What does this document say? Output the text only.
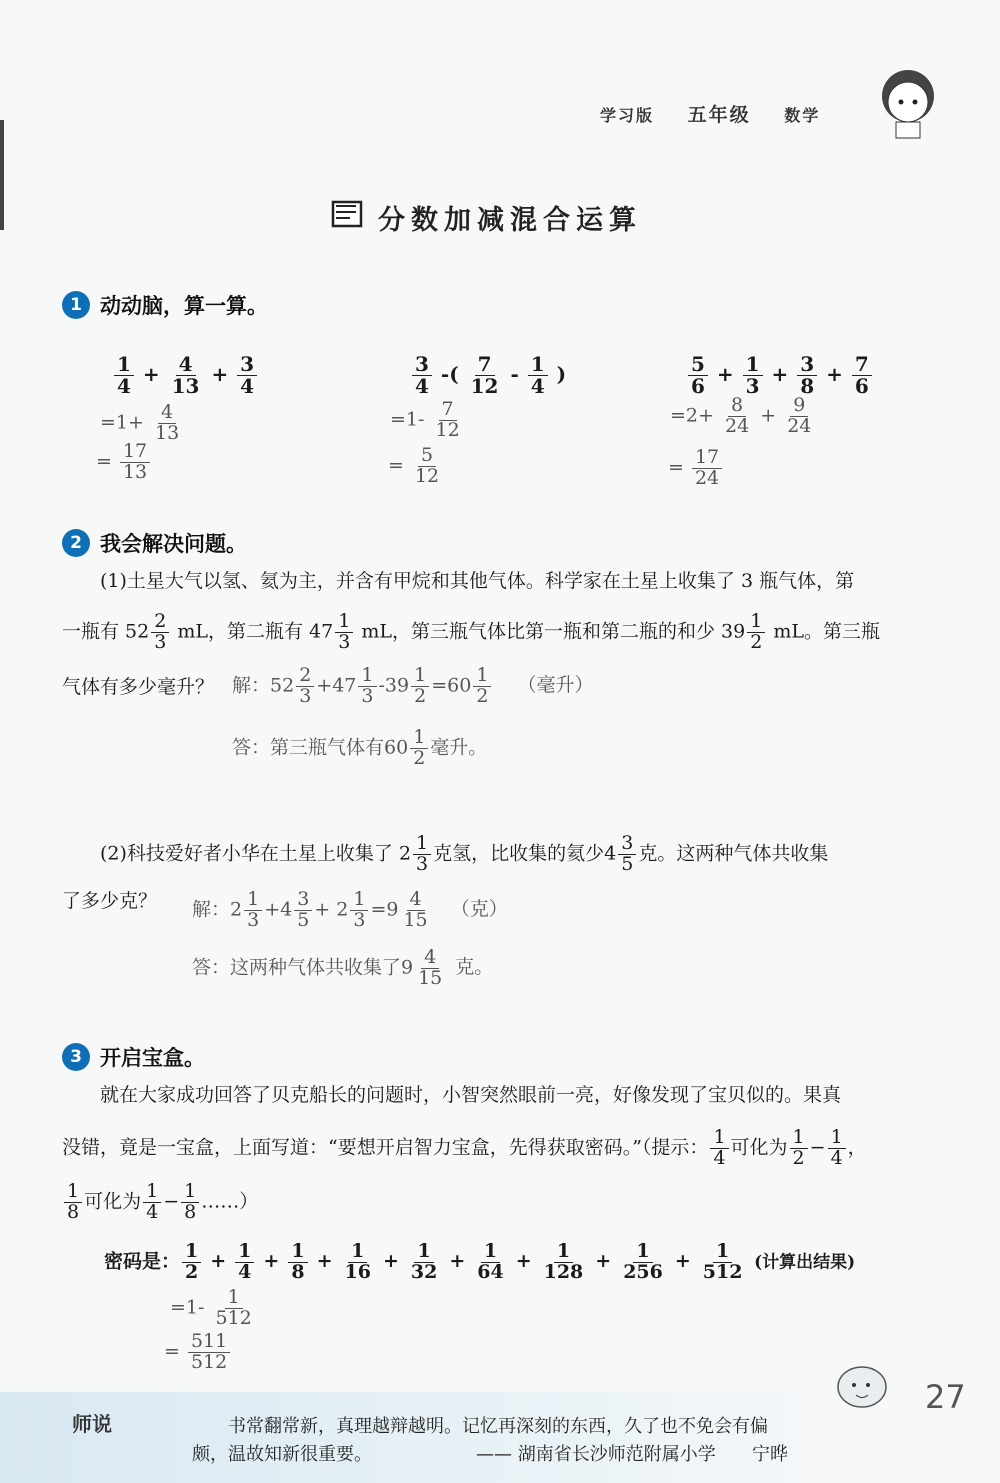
学习版 五年级 数学
分数加减混合运算
1 动动脑，算一算。
$\frac{1}{4} + \frac{4}{13} + \frac{3}{4}$
$=1+ \frac{4}{13}$
= $\frac{17}{13}$
$\frac{3}{4}$ -( $\frac{7}{12} - \frac{1}{4}$ )
$=1- \frac{7}{12}$
= $\frac{5}{12}$
$\frac{5}{6} + \frac{1}{3} + \frac{3}{8} + \frac{7}{6}$
$=2+ \frac{8}{24} + \frac{9}{24}$
= $\frac{17}{24}$
2 我会解决问题。
(1)土星大气以氢、氦为主，并含有甲烷和其他气体。科学家在土星上收集了 3 瓶气体，第
一瓶有 $52 \frac{2}{3}$ mL，第二瓶有 $47 \frac{1}{3}$ mL，第三瓶气体比第一瓶和第二瓶的和少 $39 \frac{1}{2}$ mL。第三瓶
气体有多少毫升？ 解：$52 \frac{2}{3} +47 \frac{1}{3} -39 \frac{1}{2} =60 \frac{1}{2}$ （毫升）
答：第三瓶气体有$60 \frac{1}{2}$ 毫升。
(2)科技爱好者小华在土星上收集了 $2 \frac{1}{3}$ 克氢，比收集的氦少$4 \frac{3}{5}$ 克。这两种气体共收集
了多少克？ 解：$2 \frac{1}{3} +4 \frac{3}{5} + 2 \frac{1}{3} =9 \frac{4}{15}$ （克）
答：这两种气体共收集了$9 \frac{4}{15}$ 克。
3 开启宝盒。
就在大家成功回答了贝克船长的问题时，小智突然眼前一亮，好像发现了宝贝似的。果真
没错，竟是一宝盒，上面写道：“要想开启智力宝盒，先得获取密码。”（提示： $\frac{1}{4}$ 可化为 $\frac{1}{2} - \frac{1}{4}$ ，
$\frac{1}{8}$ 可化为 $\frac{1}{4} - \frac{1}{8}$ ……）
密码是： $\frac{1}{2} + \frac{1}{4} + \frac{1}{8} + \frac{1}{16} + \frac{1}{32} + \frac{1}{64} + \frac{1}{128} + \frac{1}{256} + \frac{1}{512}$ (计算出结果)
$=1- \frac{1}{512}$
= $\frac{511}{512}$
27
师说	书常翻常新，真理越辩越明。记忆再深刻的东西，久了也不免会有偏
颇，温故知新很重要。	—— 湖南省长沙师范附属小学 宁晔
